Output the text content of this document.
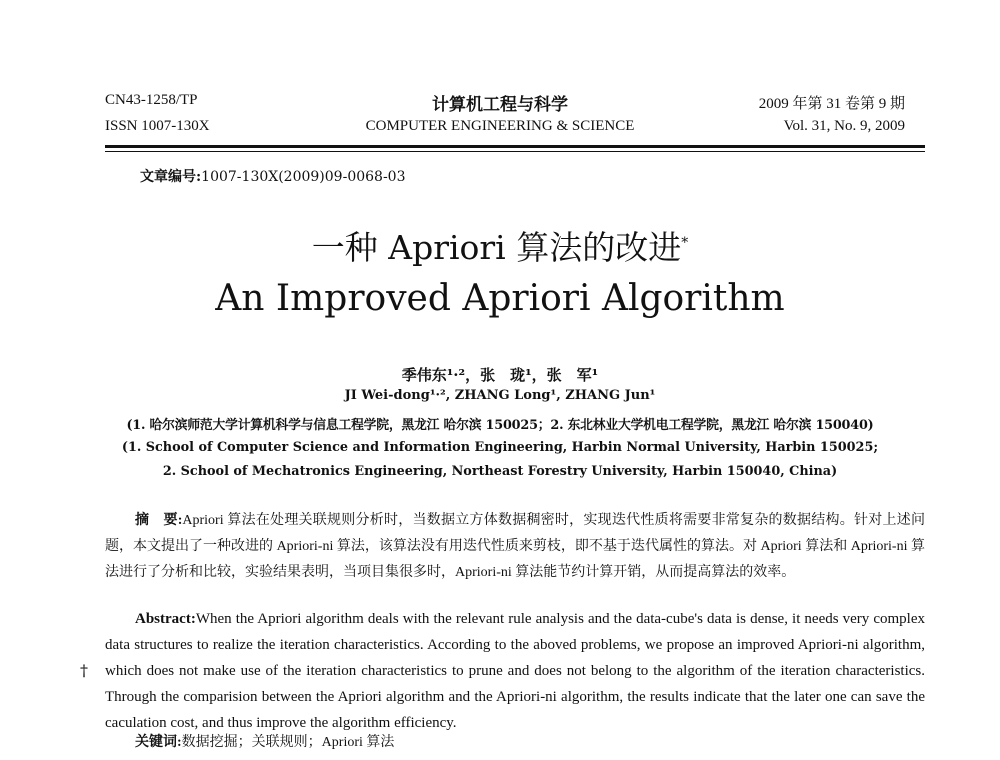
CN43-1258/TP
ISSN 1007-130X
计算机工程与科学
COMPUTER ENGINEERING & SCIENCE
2009 年第 31 卷第 9 期
Vol. 31, No. 9, 2009
文章编号:1007-130X(2009)09-0068-03
一种 Apriori 算法的改进*
An Improved Apriori Algorithm
季伟东¹·²，张　珑¹，张　军¹
JI Wei-dong¹·², ZHANG Long¹, ZHANG Jun¹
(1. 哈尔滨师范大学计算机科学与信息工程学院，黑龙江 哈尔滨 150025；2. 东北林业大学机电工程学院，黑龙江 哈尔滨 150040)
(1. School of Computer Science and Information Engineering, Harbin Normal University, Harbin 150025;
2. School of Mechatronics Engineering, Northeast Forestry University, Harbin 150040, China)
摘　要:Apriori 算法在处理关联规则分析时，当数据立方体数据稠密时，实现迭代性质将需要非常复杂的数据结构。针对上述问题，本文提出了一种改进的 Apriori-ni 算法，该算法没有用迭代性质来剪枝，即不基于迭代属性的算法。对 Apriori 算法和 Apriori-ni 算法进行了分析和比较，实验结果表明，当项目集很多时，Apriori-ni 算法能节约计算开销，从而提高算法的效率。
Abstract:When the Apriori algorithm deals with the relevant rule analysis and the data-cube's data is dense, it needs very complex data structures to realize the iteration characteristics. According to the aboved problems, we propose an improved Apriori-ni algorithm, which does not make use of the iteration characteristics to prune and does not belong to the algorithm of the iteration characteristics. Through the comparision between the Apriori algorithm and the Apriori-ni algorithm, the results indicate that the later one can save the caculation cost, and thus improve the algorithm efficiency.
†
关键词:数据挖掘；关联规则；Apriori 算法
